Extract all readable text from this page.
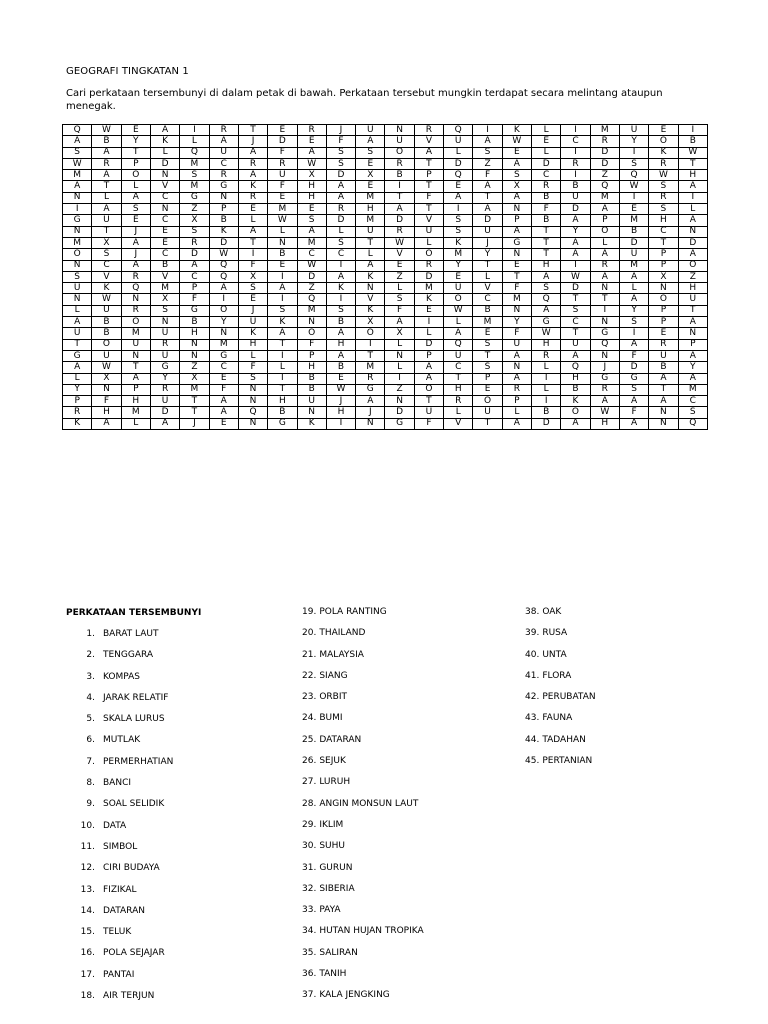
GEOGRAFI TINGKATAN 1
Cari perkataan tersembunyi di dalam petak di bawah. Perkataan tersebut mungkin terdapat secara melintang ataupun menegak.
Q	W	E	A	I	R	T	E	R	J	U	N	R	Q	I	K	L	I	M	U	E	I
A	B	Y	K	L	A	J	D	E	F	A	U	V	U	A	W	E	C	R	Y	O	B
S	A	T	L	Q	U	A	F	A	S	S	O	A	L	S	E	L	I	D	I	K	W
W	R	P	D	M	C	R	R	W	S	E	R	T	D	Z	A	D	R	D	S	R	T
M	A	O	N	S	R	A	U	X	D	X	B	P	Q	F	S	C	I	Z	Q	W	H
A	T	L	V	M	G	K	F	H	A	E	I	T	E	A	X	R	B	Q	W	S	A
N	L	A	C	G	N	R	E	H	A	M	T	F	A	T	A	B	U	M	I	R	I
I	A	S	N	Z	P	E	M	E	R	H	A	T	I	A	N	F	D	A	E	S	L
G	U	E	C	X	B	L	W	S	D	M	D	V	S	D	P	B	A	P	M	H	A
N	T	J	E	S	K	A	L	A	L	U	R	U	S	U	A	T	Y	O	B	C	N
M	X	A	E	R	D	T	N	M	S	T	W	L	K	J	G	T	A	L	D	T	D
O	S	J	C	D	W	I	B	C	C	L	V	O	M	Y	N	T	A	A	U	P	A
N	C	A	B	A	Q	F	E	W	I	A	E	R	Y	T	E	H	I	R	M	P	O
S	V	R	V	C	Q	X	I	D	A	K	Z	D	E	L	T	A	W	A	A	X	Z
U	K	Q	M	P	A	S	A	Z	K	N	L	M	U	V	F	S	D	N	L	N	H
N	W	N	X	F	I	E	I	Q	I	V	S	K	O	C	M	Q	T	T	A	O	U
L	U	R	S	G	O	J	S	M	S	K	F	E	W	B	N	A	S	I	Y	P	T
A	B	O	N	B	Y	U	K	N	B	X	A	I	L	M	Y	G	C	N	S	P	A
U	B	M	U	H	N	K	A	O	A	O	X	L	A	E	F	W	T	G	I	E	N
T	O	U	R	N	M	H	T	F	H	I	L	D	Q	S	U	H	U	Q	A	R	P
G	U	N	U	N	G	L	I	P	A	T	N	P	U	T	A	R	A	N	F	U	A
A	W	T	G	Z	C	F	L	H	B	M	L	A	C	S	N	L	Q	J	D	B	Y
L	X	A	Y	X	E	S	I	B	E	R	I	A	T	P	A	I	H	G	G	A	A
Y	N	P	R	M	F	N	T	B	W	G	Z	O	H	E	R	L	B	R	S	T	M
P	F	H	U	T	A	N	H	U	J	A	N	T	R	O	P	I	K	A	A	A	C
R	H	M	D	T	A	Q	B	N	H	J	D	U	L	U	L	B	O	W	F	N	S
K	A	L	A	J	E	N	G	K	I	N	G	F	V	T	A	D	A	H	A	N	Q
PERKATAAN TERSEMBUNYI
1. BARAT LAUT
2. TENGGARA
3. KOMPAS
4. JARAK RELATIF
5. SKALA LURUS
6. MUTLAK
7. PERMERHATIAN
8. BANCI
9. SOAL SELIDIK
10. DATA
11. SIMBOL
12. CIRI BUDAYA
13. FIZIKAL
14. DATARAN
15. TELUK
16. POLA SEJAJAR
17. PANTAI
18. AIR TERJUN
19. POLA RANTING
20. THAILAND
21. MALAYSIA
22. SIANG
23. ORBIT
24. BUMI
25. DATARAN
26. SEJUK
27. LURUH
28. ANGIN MONSUN LAUT
29. IKLIM
30. SUHU
31. GURUN
32. SIBERIA
33. PAYA
34. HUTAN HUJAN TROPIKA
35. SALIRAN
36. TANIH
37. KALA JENGKING
38. OAK
39. RUSA
40. UNTA
41. FLORA
42. PERUBATAN
43. FAUNA
44. TADAHAN
45. PERTANIAN
